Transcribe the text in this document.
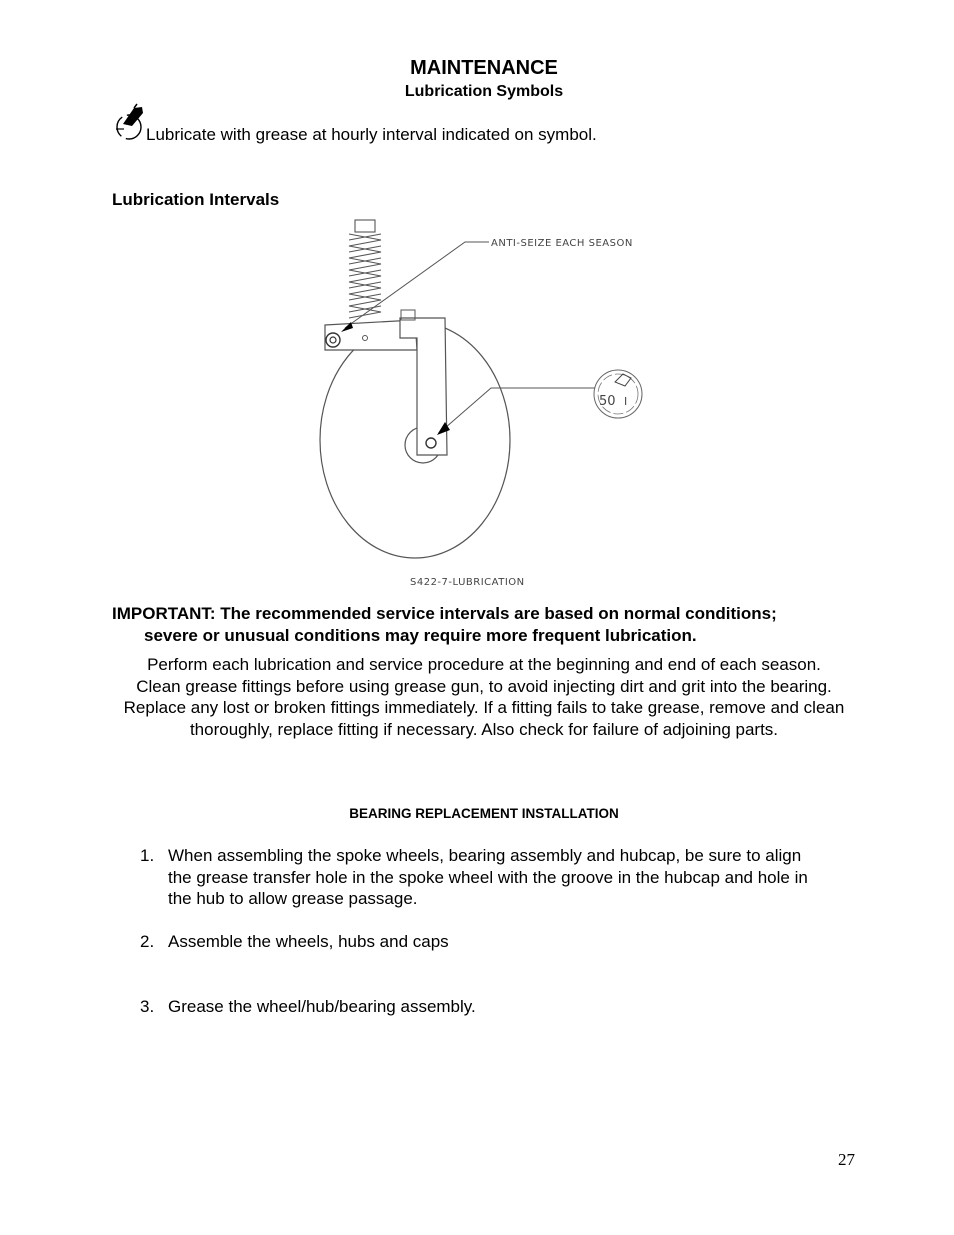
MAINTENANCE
Lubrication Symbols
Lubricate with grease at hourly interval indicated on symbol.
Lubrication Intervals
ANTI-SEIZE EACH SEASON
50 I
S422-7-LUBRICATION
IMPORTANT: The recommended service intervals are based on normal conditions;
severe or unusual conditions may require more frequent lubrication.
Perform each lubrication and service procedure at the beginning and end of each season.
Clean grease fittings before using grease gun, to avoid injecting dirt and grit into the bearing. Replace any lost or broken fittings immediately. If a fitting fails to take grease, remove and clean thoroughly, replace fitting if necessary. Also check for failure of adjoining parts.
BEARING REPLACEMENT INSTALLATION
1. When assembling the spoke wheels, bearing assembly and hubcap, be sure to align the grease transfer hole in the spoke wheel with the groove in the hubcap and hole in the hub to allow grease passage.
2. Assemble the wheels, hubs and caps
3. Grease the wheel/hub/bearing assembly.
27
